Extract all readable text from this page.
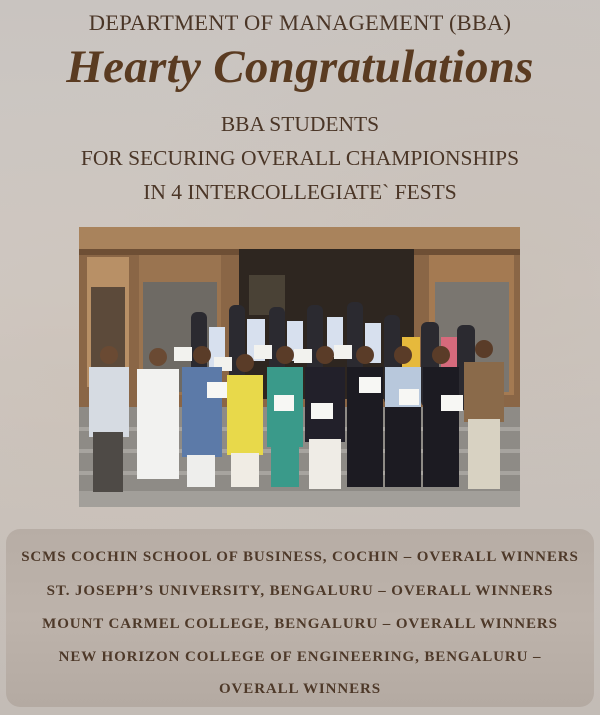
DEPARTMENT OF MANAGEMENT (BBA)
Hearty Congratulations
BBA STUDENTS
FOR SECURING OVERALL CHAMPIONSHIPS
IN 4 INTERCOLLEGIATE` FESTS
SCMS COCHIN SCHOOL OF BUSINESS, COCHIN – OVERALL WINNERS
ST. JOSEPH’S UNIVERSITY, BENGALURU – OVERALL WINNERS
MOUNT CARMEL COLLEGE, BENGALURU – OVERALL WINNERS
NEW HORIZON COLLEGE OF ENGINEERING, BENGALURU –
OVERALL WINNERS
